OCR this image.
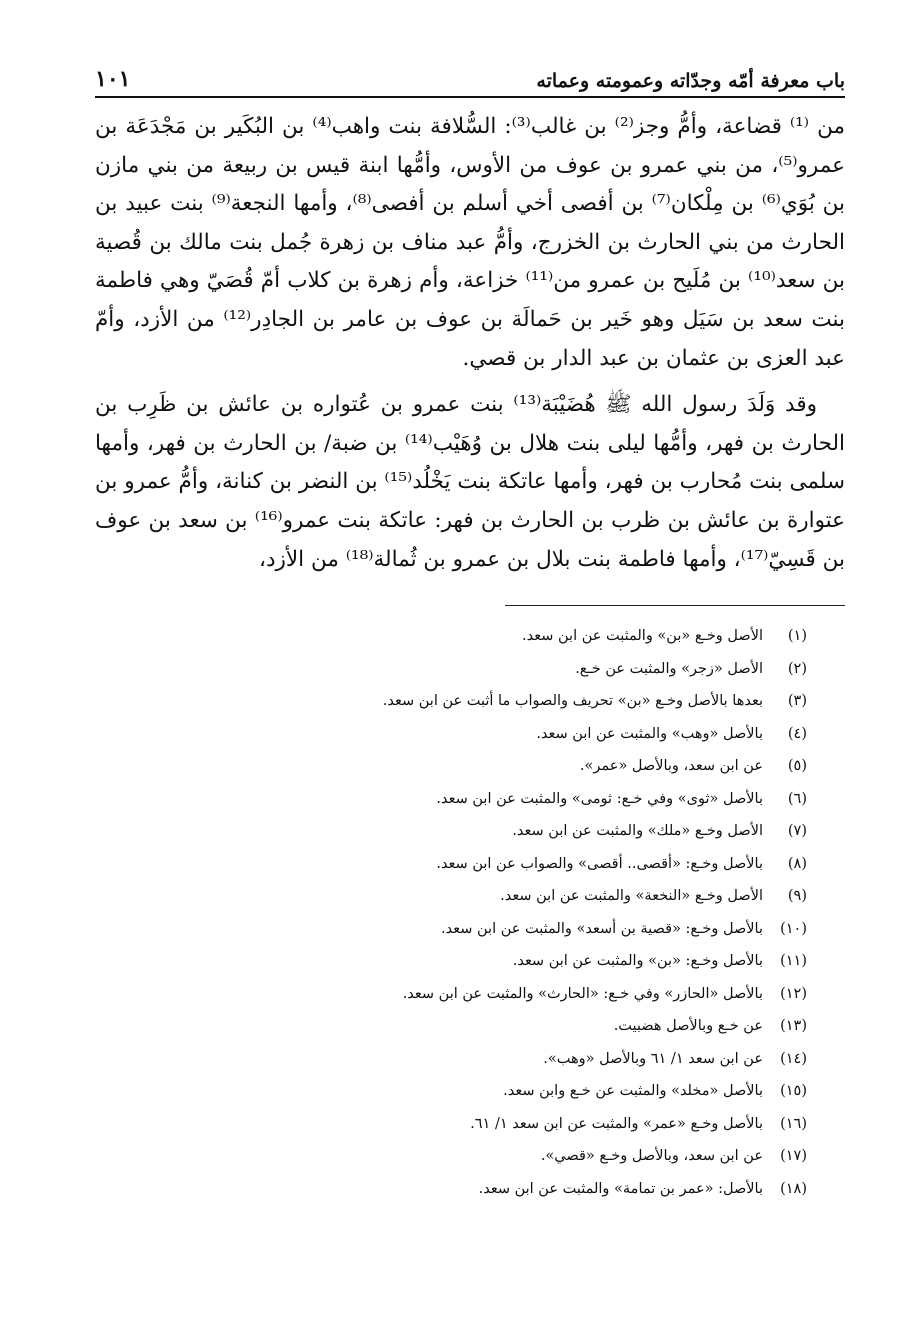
باب معرفة أمّه وجدّاته وعمومته وعماته
١٠١

من ⁽¹⁾ قضاعة، وأمُّ وجز⁽²⁾ بن غالب⁽³⁾: السُّلافة بنت واهب⁽⁴⁾ بن البُكَير بن مَجْدَعَة بن عمرو⁽⁵⁾، من بني عمرو بن عوف من الأوس، وأمُّها ابنة قيس بن ربيعة من بني مازن بن بُوَي⁽⁶⁾ بن مِلْكان⁽⁷⁾ بن أفصى أخي أسلم بن أفصى⁽⁸⁾، وأمها النجعة⁽⁹⁾ بنت عبيد بن الحارث من بني الحارث بن الخزرج، وأمُّ عبد مناف بن زهرة جُمل بنت مالك بن قُصية بن سعد⁽¹⁰⁾ بن مُلَيح بن عمرو من⁽¹¹⁾ خزاعة، وأم زهرة بن كلاب أمّ قُصَيّ وهي فاطمة بنت سعد بن سَيَل وهو خَير بن حَمالَة بن عوف بن عامر بن الجادِر⁽¹²⁾ من الأزد، وأمّ عبد العزى بن عثمان بن عبد الدار بن قصي.

وقد وَلَدَ رسول الله ﷺ هُضَيْبَة⁽¹³⁾ بنت عمرو بن عُتواره بن عائش بن ظَرِب بن الحارث بن فهر، وأمُّها ليلى بنت هلال بن وُهَيْب⁽¹⁴⁾ بن ضبة/ بن الحارث بن فهر، وأمها سلمى بنت مُحارب بن فهر، وأمها عاتكة بنت يَخْلُد⁽¹⁵⁾ بن النضر بن كنانة، وأمُّ عمرو بن عتوارة بن عائش بن ظرب بن الحارث بن فهر: عاتكة بنت عمرو⁽¹⁶⁾ بن سعد بن عوف بن قَسِيّ⁽¹⁷⁾، وأمها فاطمة بنت بلال بن عمرو بن ثُمالة⁽¹⁸⁾ من الأزد،

(١)الأصل وخـع «بن» والمثبت عن ابن سعد.
(٢)الأصل «زجر» والمثبت عن خـع.
(٣)بعدها بالأصل وخـع «بن» تحريف والصواب ما أثبت عن ابن سعد.
(٤)بالأصل «وهب» والمثبت عن ابن سعد.
(٥)عن ابن سعد، وبالأصل «عمر».
(٦)بالأصل «ثوى» وفي خـع: ثومى» والمثبت عن ابن سعد.
(٧)الأصل وخـع «ملك» والمثبت عن ابن سعد.
(٨)بالأصل وخـع: «أقصى.. أقصى» والصواب عن ابن سعد.
(٩)الأصل وخـع «النخعة» والمثبت عن ابن سعد.
(١٠)بالأصل وخـع: «قصية بن أسعد» والمثبت عن ابن سعد.
(١١)بالأصل وخـع: «بن» والمثبت عن ابن سعد.
(١٢)بالأصل «الحازر» وفي خـع: «الحارث» والمثبت عن ابن سعد.
(١٣)عن خـع وبالأصل هضبيت.
(١٤)عن ابن سعد ١/ ٦١ وبالأصل «وهب».
(١٥)بالأصل «مخلد» والمثبت عن خـع وابن سعد.
(١٦)بالأصل وخـع «عمر» والمثبت عن ابن سعد ١/ ٦١.
(١٧)عن ابن سعد، وبالأصل وخـع «قصي».
(١٨)بالأصل: «عمر بن تمامة» والمثبت عن ابن سعد.
